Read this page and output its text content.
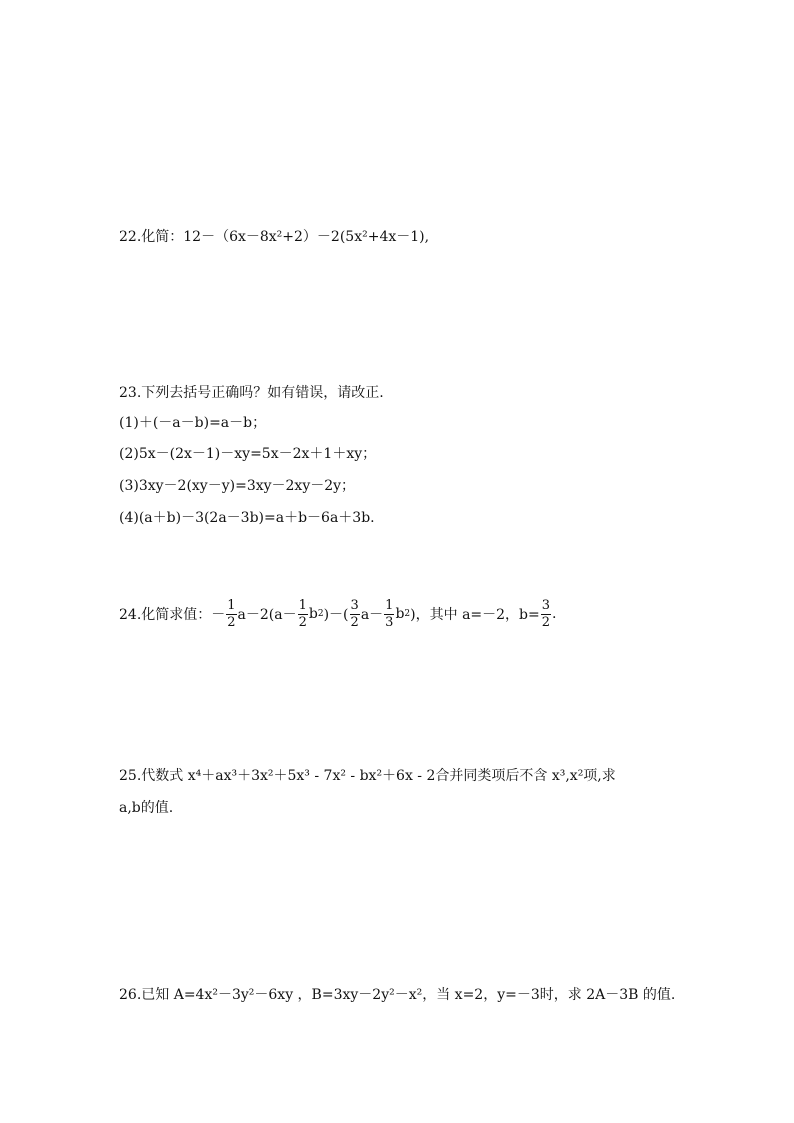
22.化简：12－（6x－8x²+2）－2(5x²+4x－1),
23.下列去括号正确吗？如有错误，请改正.
(1)＋(－a－b)=a－b；
(2)5x－(2x－1)－xy=5x－2x＋1＋xy；
(3)3xy－2(xy－y)=3xy－2xy－2y；
(4)(a＋b)－3(2a－3b)=a＋b－6a＋3b.
24.化简求值：－ $\frac{1}{2} a-2(a- \frac{1}{2}$ b 2 )－( $\frac{3}{2} a- \frac{1}{3}$ b 2 )，其中 a=－2，$b= \frac{3}{2}$ .
25.代数式 x⁴＋ax³＋3x²＋5x³ - 7x² - bx²＋6x - 2合并同类项后不含 x³,x²项,求
a,b的值.
26.已知 A=4x²－3y²－6xy ，B=3xy－2y²－x²，当 x=2，y=－3时，求 2A－3B 的值.
